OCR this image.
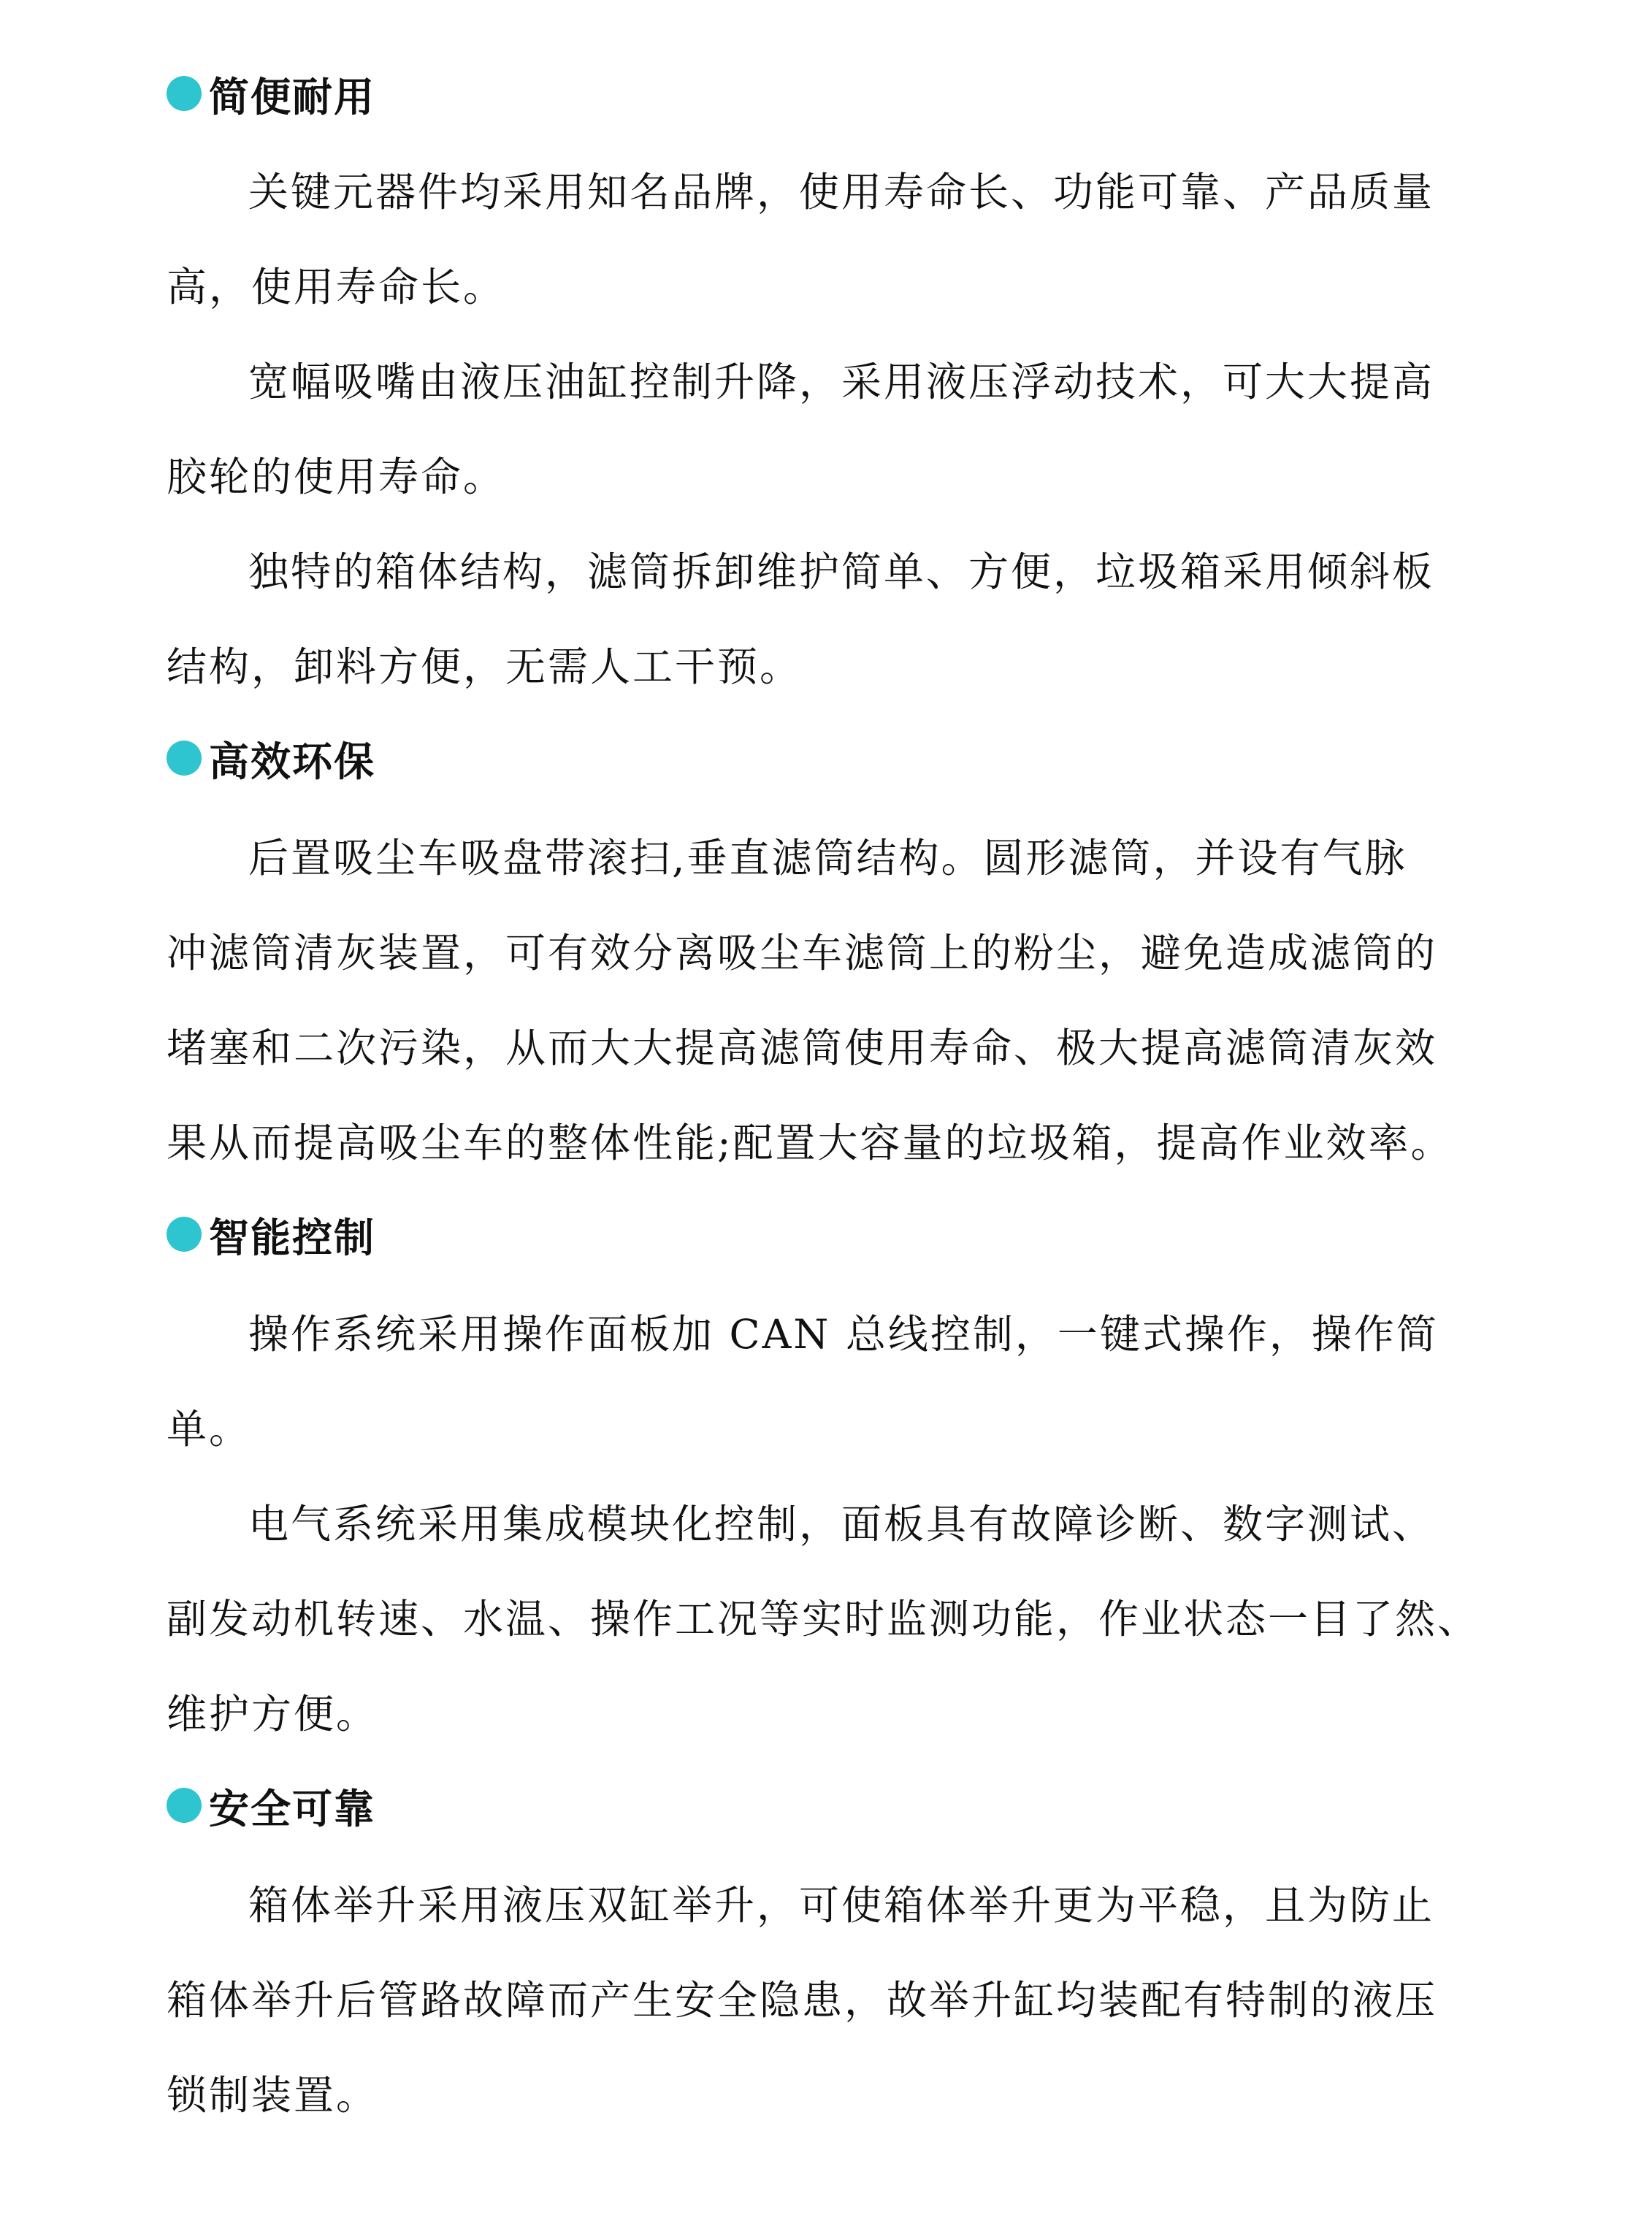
简便耐用
关键元器件均采用知名品牌，使用寿命长、功能可靠、产品质量
高，使用寿命长。
宽幅吸嘴由液压油缸控制升降，采用液压浮动技术，可大大提高
胶轮的使用寿命。
独特的箱体结构，滤筒拆卸维护简单、方便，垃圾箱采用倾斜板
结构，卸料方便，无需人工干预。
高效环保
后置吸尘车吸盘带滚扫,垂直滤筒结构。圆形滤筒，并设有气脉
冲滤筒清灰装置，可有效分离吸尘车滤筒上的粉尘，避免造成滤筒的
堵塞和二次污染，从而大大提高滤筒使用寿命、极大提高滤筒清灰效
果从而提高吸尘车的整体性能;配置大容量的垃圾箱，提高作业效率。
智能控制
操作系统采用操作面板加 CAN 总线控制，一键式操作，操作简
单。
电气系统采用集成模块化控制，面板具有故障诊断、数字测试、
副发动机转速、水温、操作工况等实时监测功能，作业状态一目了然、
维护方便。
安全可靠
箱体举升采用液压双缸举升，可使箱体举升更为平稳，且为防止
箱体举升后管路故障而产生安全隐患，故举升缸均装配有特制的液压
锁制装置。
